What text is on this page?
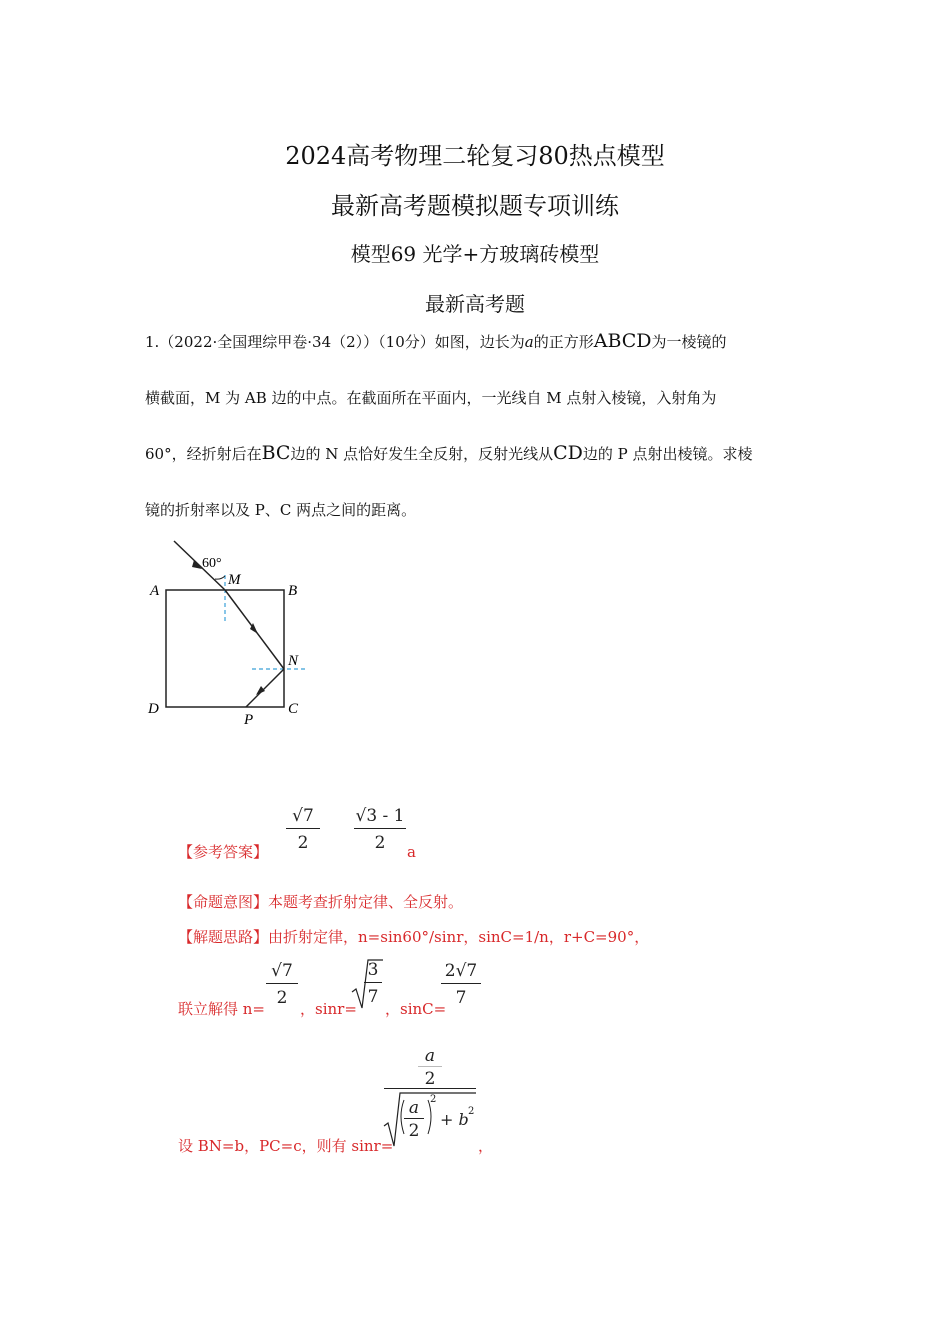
2024高考物理二轮复习80热点模型
最新高考题模拟题专项训练
模型69 光学+方玻璃砖模型
最新高考题
1.（2022·全国理综甲卷·34（2））（10分）如图，边长为a的正方形ABCD为一棱镜的
横截面，M 为 AB 边的中点。在截面所在平面内，一光线自 M 点射入棱镜，入射角为
60°，经折射后在BC边的 N 点恰好发生全反射，反射光线从CD边的 P 点射出棱镜。求棱
镜的折射率以及 P、C 两点之间的距离。
60°
A	B
C
D
M
N
P
【参考答案】 $\frac{√7}{2} \frac{√3 - 1}{2}$ a
【命题意图】本题考查折射定律、全反射。
【解题思路】由折射定律，n=sin60°/sinr，sinC=1/n，r+C=90°，
联立解得 n=
$\frac{√7}{2}$
，sinr=
$\frac{3}{7}$
，sinC=
$\frac{2√7}{7}$
设 BN=b，PC=c，则有 sinr=
a
2
a
2
2
+ b 2
，
